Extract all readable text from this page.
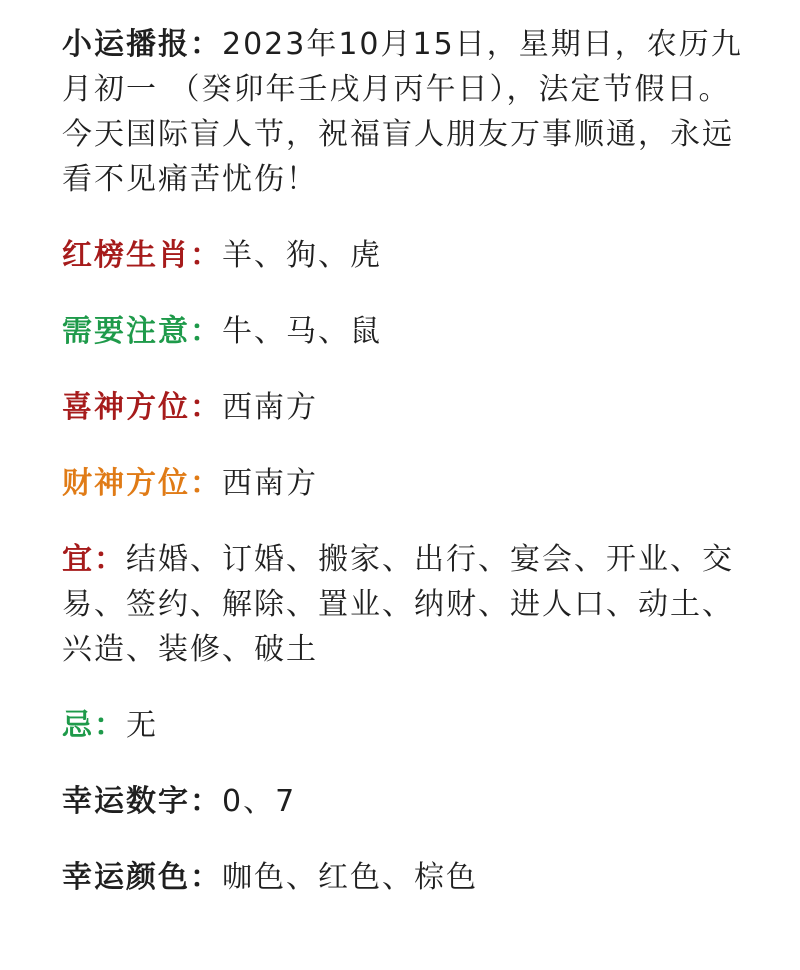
小运播报：2023年10月15日，星期日，农历九月初一 （癸卯年壬戌月丙午日），法定节假日。今天国际盲人节，祝福盲人朋友万事顺通，永远看不见痛苦忧伤！

红榜生肖：羊、狗、虎

需要注意：牛、马、鼠

喜神方位：西南方

财神方位：西南方

宜：结婚、订婚、搬家、出行、宴会、开业、交易、签约、解除、置业、纳财、进人口、动土、兴造、装修、破土

忌：无

幸运数字：0、7

幸运颜色：咖色、红色、棕色
